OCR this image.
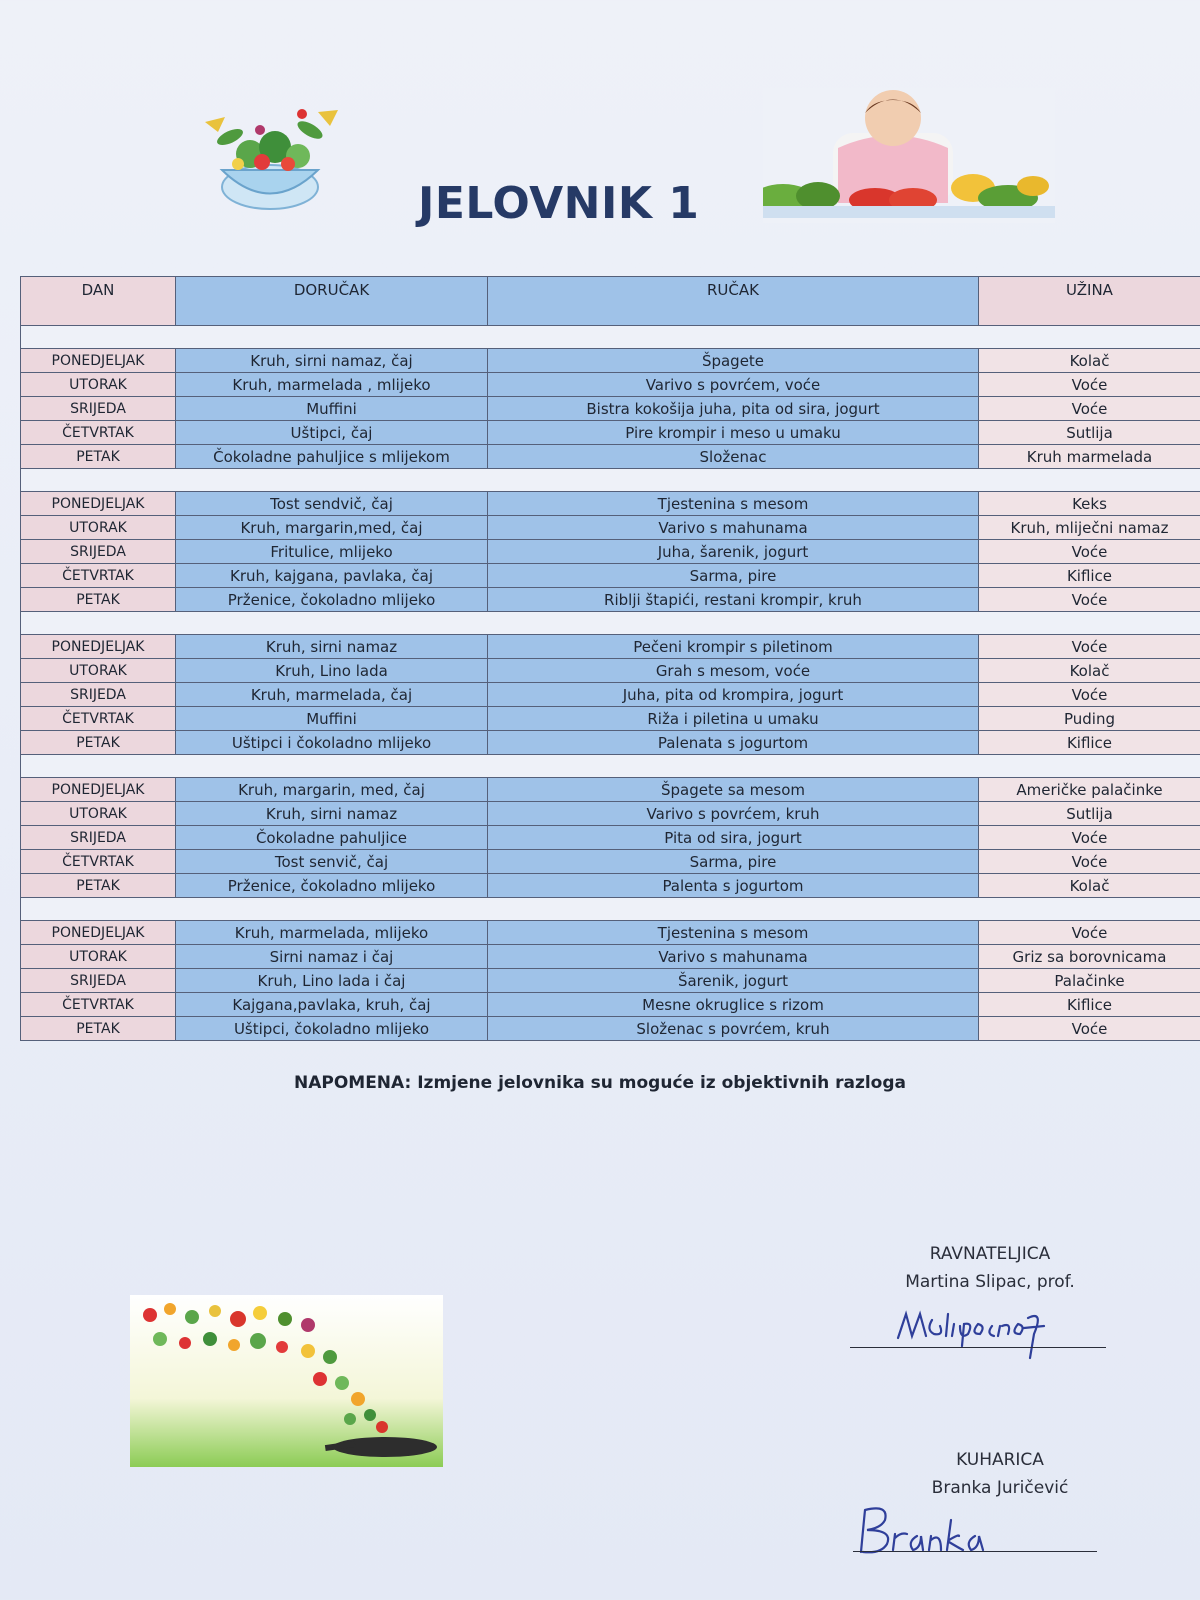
JELOVNIK 1
DAN	DORUČAK	RUČAK	UŽINA

PONEDJELJAK	Kruh, sirni namaz, čaj	Špagete	Kolač
UTORAK	Kruh, marmelada , mlijeko	Varivo s povrćem, voće	Voće
SRIJEDA	Muffini	Bistra kokošija juha, pita od sira, jogurt	Voće
ČETVRTAK	Uštipci, čaj	Pire krompir i meso u umaku	Sutlija
PETAK	Čokoladne pahuljice s mlijekom	Složenac	Kruh marmelada

PONEDJELJAK	Tost sendvič, čaj	Tjestenina s mesom	Keks
UTORAK	Kruh, margarin,med, čaj	Varivo s mahunama	Kruh, mliječni namaz
SRIJEDA	Fritulice, mlijeko	Juha, šarenik, jogurt	Voće
ČETVRTAK	Kruh, kajgana, pavlaka, čaj	Sarma, pire	Kiflice
PETAK	Prženice, čokoladno mlijeko	Riblji štapići, restani krompir, kruh	Voće

PONEDJELJAK	Kruh, sirni namaz	Pečeni krompir s piletinom	Voće
UTORAK	Kruh, Lino lada	Grah s mesom, voće	Kolač
SRIJEDA	Kruh, marmelada, čaj	Juha, pita od krompira, jogurt	Voće
ČETVRTAK	Muffini	Riža i piletina u umaku	Puding
PETAK	Uštipci i čokoladno mlijeko	Palenata s jogurtom	Kiflice

PONEDJELJAK	Kruh, margarin, med, čaj	Špagete sa mesom	Američke palačinke
UTORAK	Kruh, sirni namaz	Varivo s povrćem, kruh	Sutlija
SRIJEDA	Čokoladne pahuljice	Pita od sira, jogurt	Voće
ČETVRTAK	Tost senvič, čaj	Sarma, pire	Voće
PETAK	Prženice, čokoladno mlijeko	Palenta s jogurtom	Kolač

PONEDJELJAK	Kruh, marmelada, mlijeko	Tjestenina s mesom	Voće
UTORAK	Sirni namaz i čaj	Varivo s mahunama	Griz sa borovnicama
SRIJEDA	Kruh, Lino lada i čaj	Šarenik, jogurt	Palačinke
ČETVRTAK	Kajgana,pavlaka, kruh, čaj	Mesne okruglice s rizom	Kiflice
PETAK	Uštipci, čokoladno mlijeko	Složenac s povrćem, kruh	Voće
NAPOMENA: Izmjene jelovnika su moguće iz objektivnih razloga
RAVNATELJICA
Martina Slipac, prof.
KUHARICA
Branka Juričević
